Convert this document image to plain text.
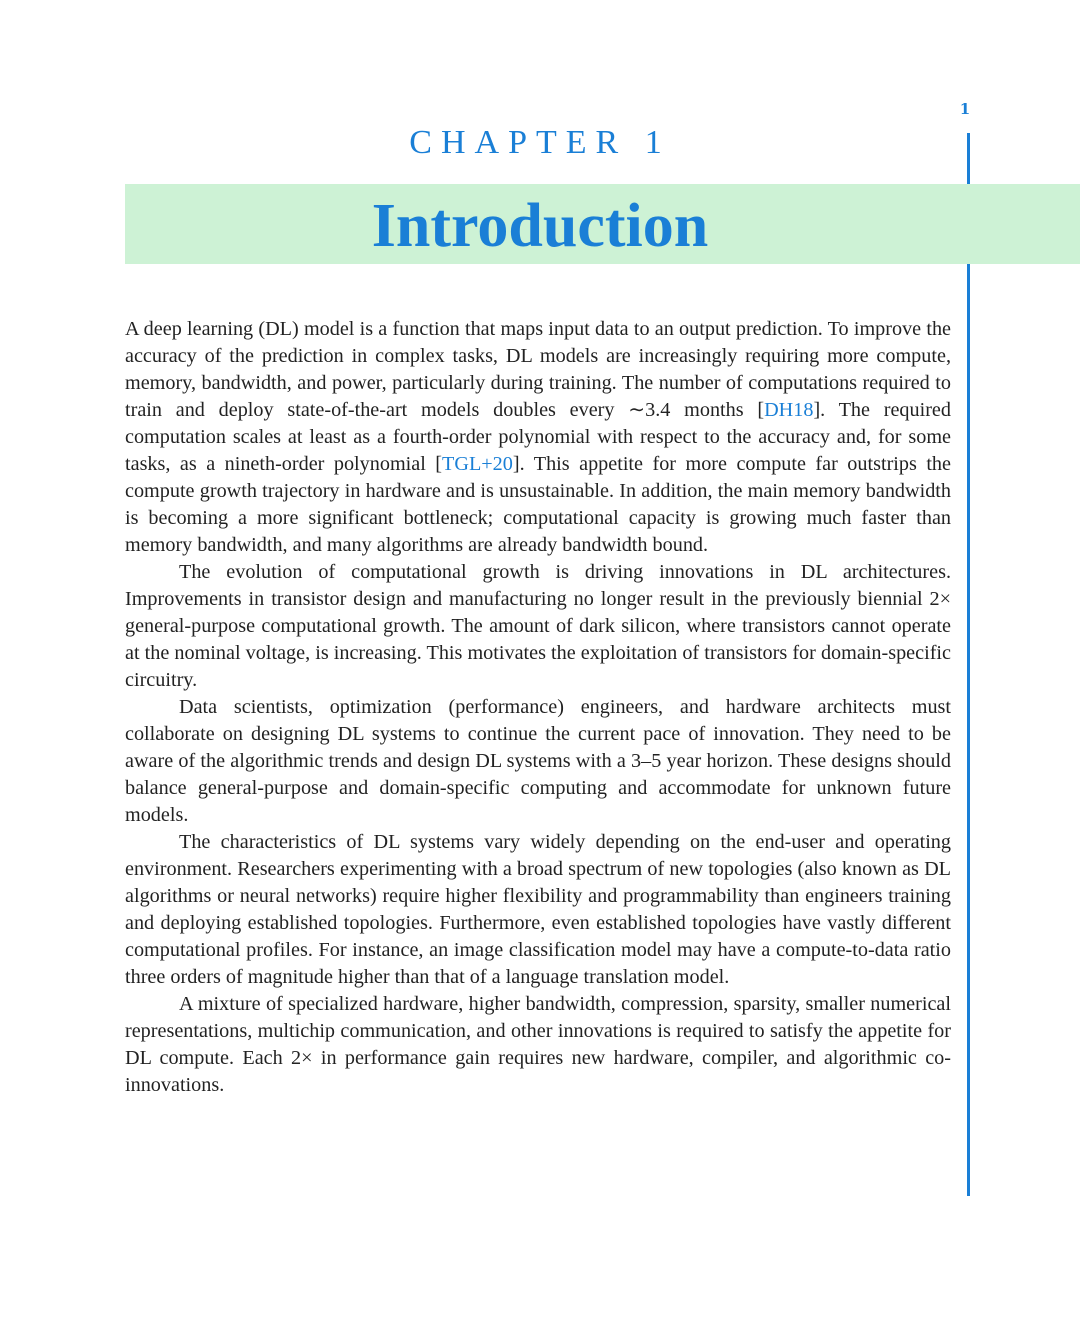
1
CHAPTER 1
Introduction

A deep learning (DL) model is a function that maps input data to an output prediction. To improve the accuracy of the prediction in complex tasks, DL models are increasingly requiring more compute, memory, bandwidth, and power, particularly during training. The number of computations required to train and deploy state-of-the-art models doubles every ∼3.4 months [DH18]. The required computation scales at least as a fourth-order polynomial with respect to the accuracy and, for some tasks, as a nineth-order polynomial [TGL+20]. This appetite for more compute far outstrips the compute growth trajectory in hardware and is unsustainable. In addition, the main memory bandwidth is becoming a more significant bottleneck; computational capacity is growing much faster than memory bandwidth, and many algorithms are already bandwidth bound.

The evolution of computational growth is driving innovations in DL architectures. Improvements in transistor design and manufacturing no longer result in the previously biennial 2× general-purpose computational growth. The amount of dark silicon, where transistors cannot operate at the nominal voltage, is increasing. This motivates the exploitation of transistors for domain-specific circuitry.

Data scientists, optimization (performance) engineers, and hardware architects must collaborate on designing DL systems to continue the current pace of innovation. They need to be aware of the algorithmic trends and design DL systems with a 3–5 year horizon. These designs should balance general-purpose and domain-specific computing and accommodate for unknown future models.

The characteristics of DL systems vary widely depending on the end-user and operating environment. Researchers experimenting with a broad spectrum of new topologies (also known as DL algorithms or neural networks) require higher flexibility and programmability than engineers training and deploying established topologies. Furthermore, even established topologies have vastly different computational profiles. For instance, an image classification model may have a compute-to-data ratio three orders of magnitude higher than that of a language translation model.

A mixture of specialized hardware, higher bandwidth, compression, sparsity, smaller numerical representations, multichip communication, and other innovations is required to satisfy the appetite for DL compute. Each 2× in performance gain requires new hardware, compiler, and algorithmic co-innovations.
